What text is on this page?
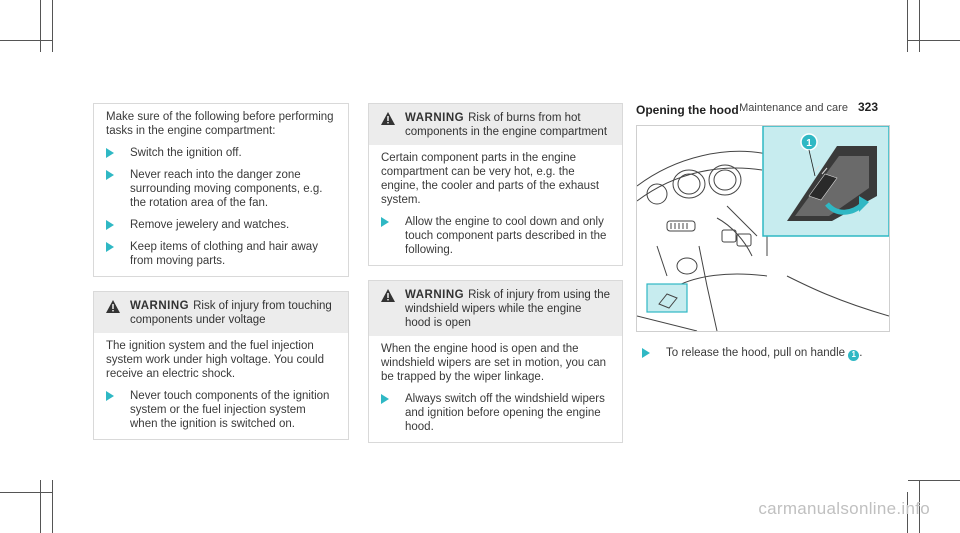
Maintenance and care 323

Make sure of the following before performing tasks in the engine compartment:

Switch the ignition off.
Never reach into the danger zone surrounding moving components, e.g. the rotation area of the fan.
Remove jewelery and watches.
Keep items of clothing and hair away from moving parts.
WARNING Risk of injury from touching components under voltage

The ignition system and the fuel injection system work under high voltage. You could receive an electric shock.

Never touch components of the ignition system or the fuel injection system when the ignition is switched on.
WARNING Risk of burns from hot components in the engine compartment

Certain component parts in the engine compartment can be very hot, e.g. the engine, the cooler and parts of the exhaust system.

Allow the engine to cool down and only touch component parts described in the following.
WARNING Risk of injury from using the windshield wipers while the engine hood is open

When the engine hood is open and the windshield wipers are set in motion, you can be trapped by the wiper linkage.

Always switch off the windshield wipers and ignition before opening the engine hood.
Opening the hood
1
To release the hood, pull on handle 1 .
carmanualsonline.info
